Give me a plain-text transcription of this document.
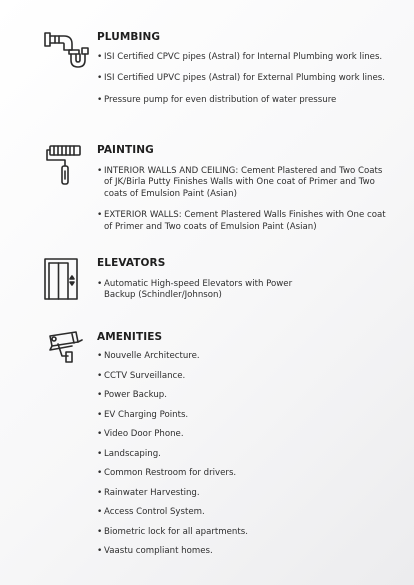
PLUMBING
• ISI Certified CPVC pipes (Astral) for Internal Plumbing work lines.
• ISI Certified UPVC pipes (Astral) for External Plumbing work lines.
• Pressure pump for even distribution of water pressure
PAINTING
• INTERIOR WALLS AND CEILING: Cement Plastered and Two Coats of JK/Birla Putty Finishes Walls with One coat of Primer and Two coats of Emulsion Paint (Asian)
• EXTERIOR WALLS: Cement Plastered Walls Finishes with One coat of Primer and Two coats of Emulsion Paint (Asian)
ELEVATORS
• Automatic High-speed Elevators with Power Backup (Schindler/Johnson)
AMENITIES
• Nouvelle Architecture.
• CCTV Surveillance.
• Power Backup.
• EV Charging Points.
• Video Door Phone.
• Landscaping.
• Common Restroom for drivers.
• Rainwater Harvesting.
• Access Control System.
• Biometric lock for all apartments.
• Vaastu compliant homes.
